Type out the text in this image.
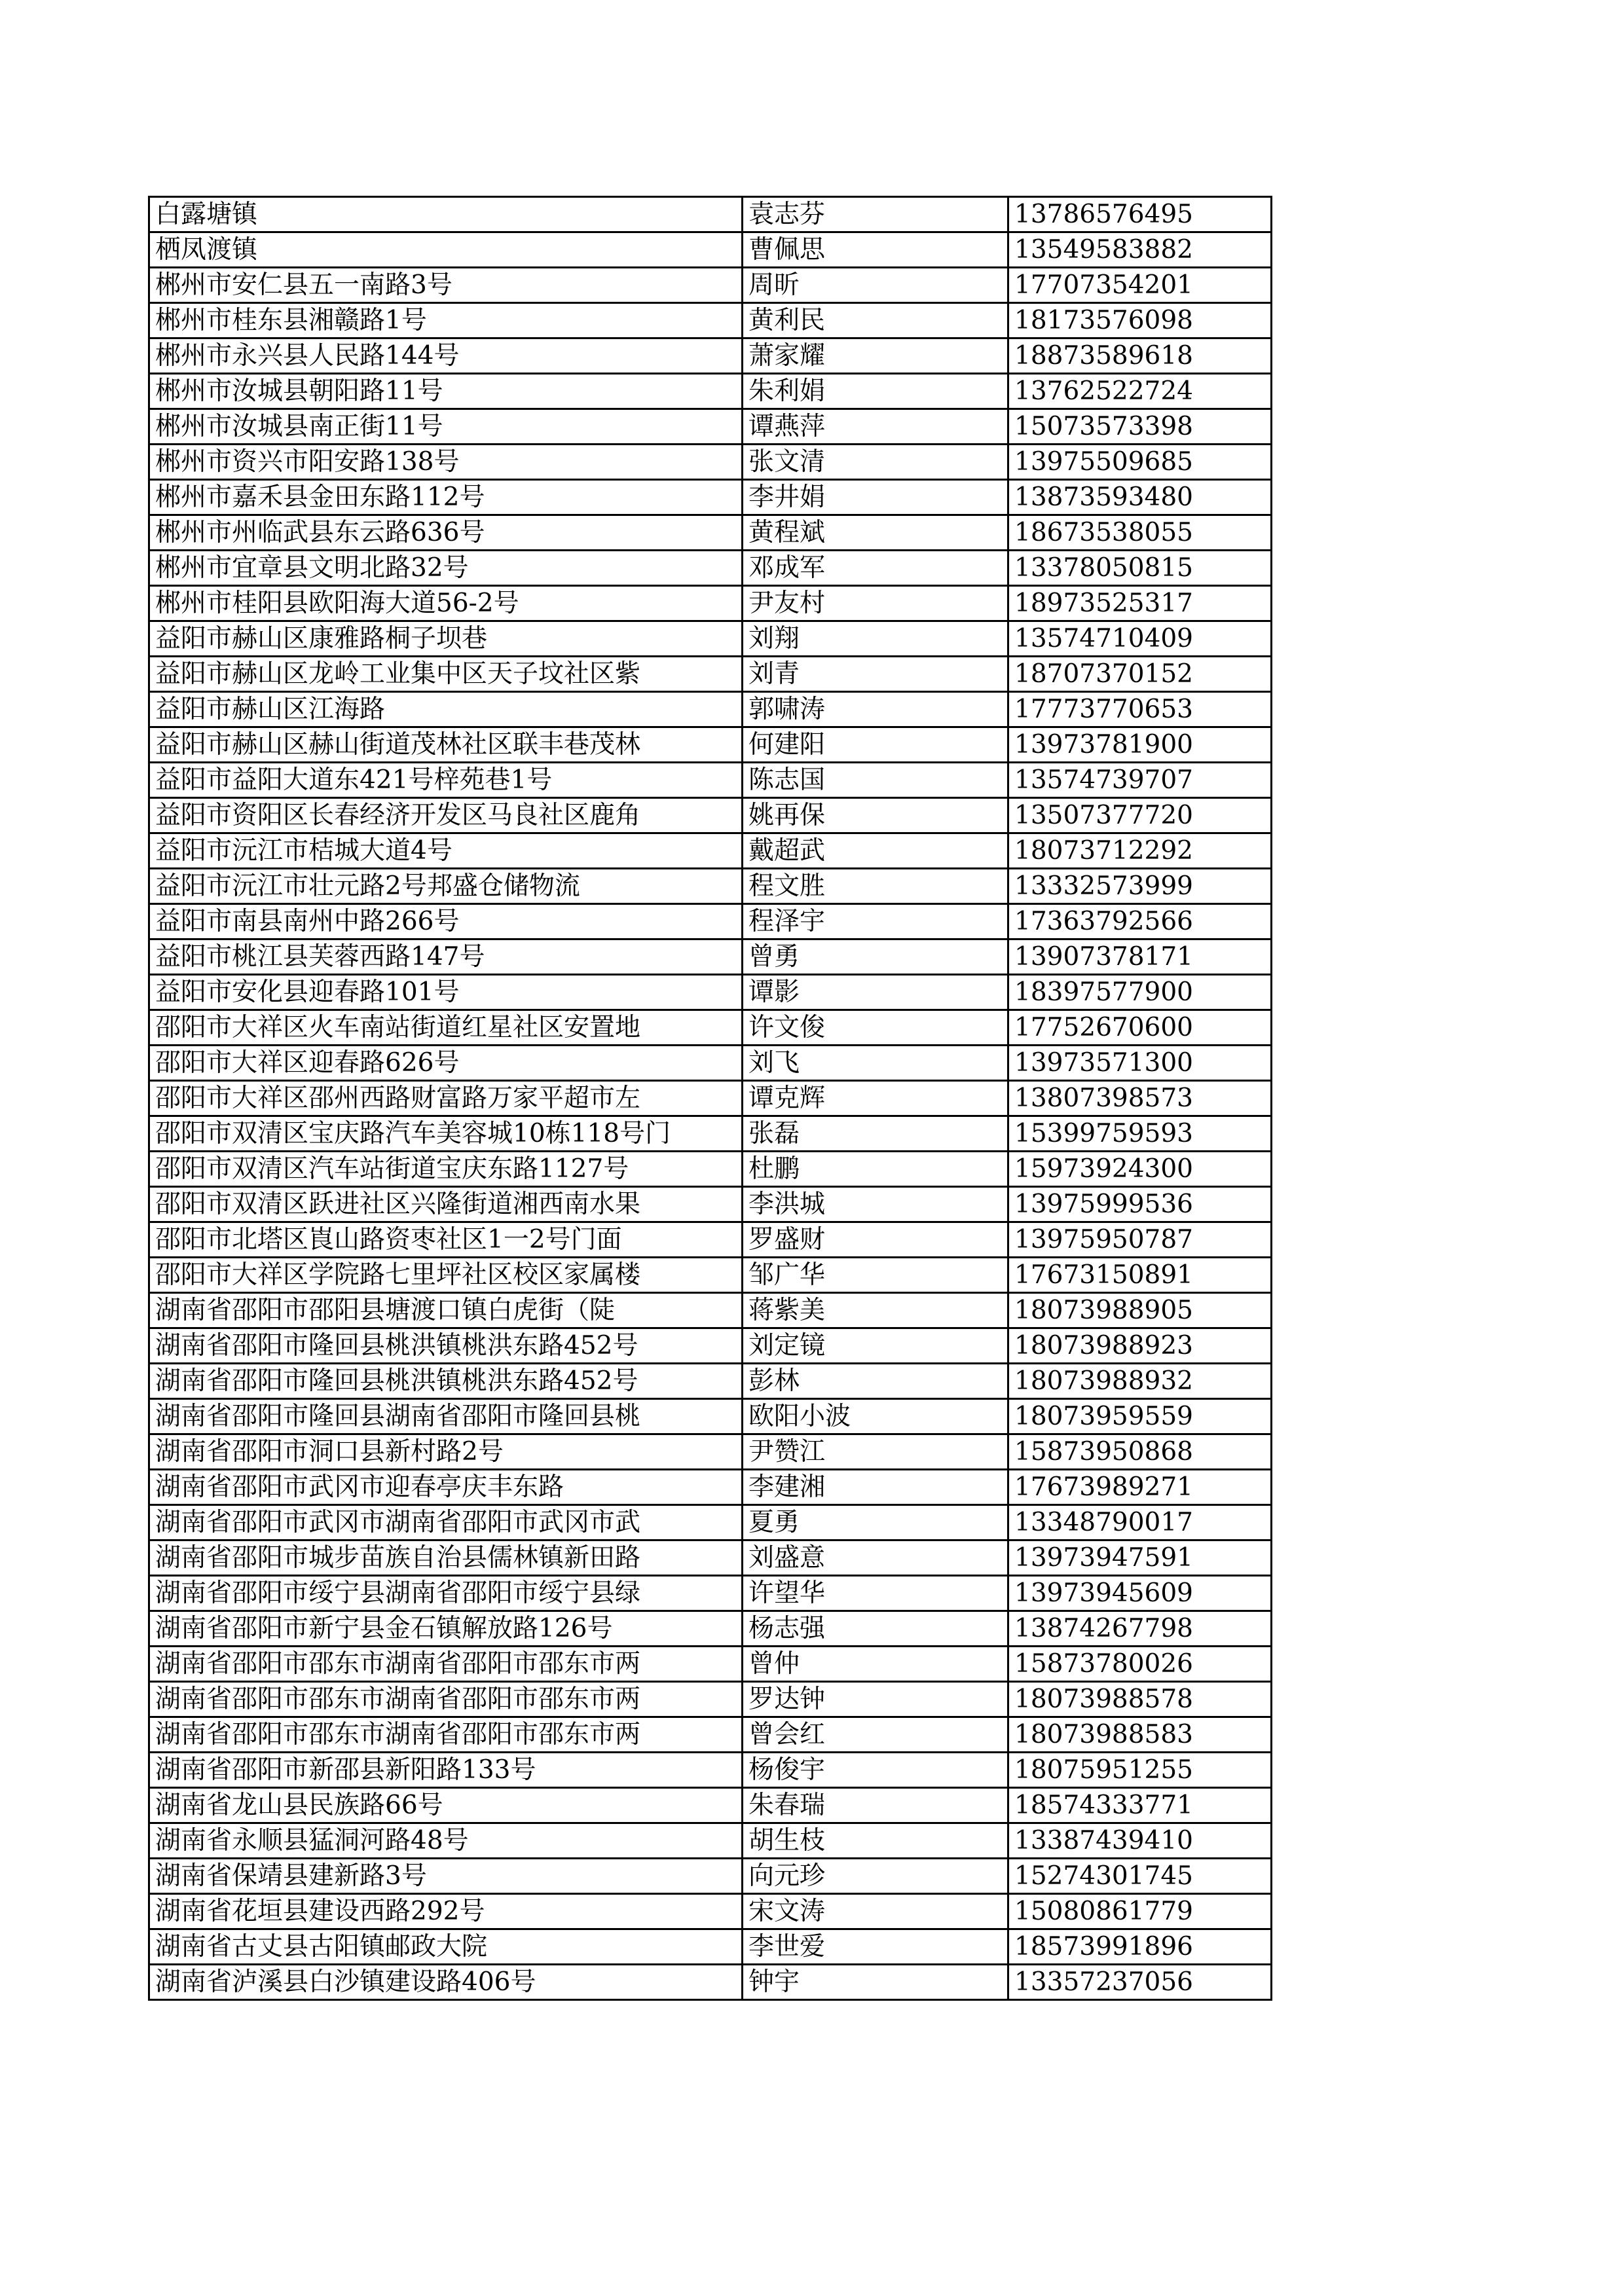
白露塘镇	袁志芬	13786576495
栖凤渡镇	曹佩思	13549583882
郴州市安仁县五一南路3号	周昕	17707354201
郴州市桂东县湘赣路1号	黄利民	18173576098
郴州市永兴县人民路144号	萧家耀	18873589618
郴州市汝城县朝阳路11号	朱利娟	13762522724
郴州市汝城县南正街11号	谭燕萍	15073573398
郴州市资兴市阳安路138号	张文清	13975509685
郴州市嘉禾县金田东路112号	李井娟	13873593480
郴州市州临武县东云路636号	黄程斌	18673538055
郴州市宜章县文明北路32号	邓成军	13378050815
郴州市桂阳县欧阳海大道56-2号	尹友村	18973525317
益阳市赫山区康雅路桐子坝巷	刘翔	13574710409
益阳市赫山区龙岭工业集中区天子坟社区紫	刘青	18707370152
益阳市赫山区江海路	郭啸涛	17773770653
益阳市赫山区赫山街道茂林社区联丰巷茂林	何建阳	13973781900
益阳市益阳大道东421号梓苑巷1号	陈志国	13574739707
益阳市资阳区长春经济开发区马良社区鹿角	姚再保	13507377720
益阳市沅江市桔城大道4号	戴超武	18073712292
益阳市沅江市壮元路2号邦盛仓储物流	程文胜	13332573999
益阳市南县南州中路266号	程泽宇	17363792566
益阳市桃江县芙蓉西路147号	曾勇	13907378171
益阳市安化县迎春路101号	谭影	18397577900
邵阳市大祥区火车南站街道红星社区安置地	许文俊	17752670600
邵阳市大祥区迎春路626号	刘飞	13973571300
邵阳市大祥区邵州西路财富路万家平超市左	谭克辉	13807398573
邵阳市双清区宝庆路汽车美容城10栋118号门	张磊	15399759593
邵阳市双清区汽车站街道宝庆东路1127号	杜鹏	15973924300
邵阳市双清区跃进社区兴隆街道湘西南水果	李洪城	13975999536
邵阳市北塔区崀山路资枣社区1一2号门面	罗盛财	13975950787
邵阳市大祥区学院路七里坪社区校区家属楼	邹广华	17673150891
湖南省邵阳市邵阳县塘渡口镇白虎街（陡	蒋紫美	18073988905
湖南省邵阳市隆回县桃洪镇桃洪东路452号	刘定镜	18073988923
湖南省邵阳市隆回县桃洪镇桃洪东路452号	彭林	18073988932
湖南省邵阳市隆回县湖南省邵阳市隆回县桃	欧阳小波	18073959559
湖南省邵阳市洞口县新村路2号	尹赞江	15873950868
湖南省邵阳市武冈市迎春亭庆丰东路	李建湘	17673989271
湖南省邵阳市武冈市湖南省邵阳市武冈市武	夏勇	13348790017
湖南省邵阳市城步苗族自治县儒林镇新田路	刘盛意	13973947591
湖南省邵阳市绥宁县湖南省邵阳市绥宁县绿	许望华	13973945609
湖南省邵阳市新宁县金石镇解放路126号	杨志强	13874267798
湖南省邵阳市邵东市湖南省邵阳市邵东市两	曾仲	15873780026
湖南省邵阳市邵东市湖南省邵阳市邵东市两	罗达钟	18073988578
湖南省邵阳市邵东市湖南省邵阳市邵东市两	曾会红	18073988583
湖南省邵阳市新邵县新阳路133号	杨俊宇	18075951255
湖南省龙山县民族路66号	朱春瑞	18574333771
湖南省永顺县猛洞河路48号	胡生枝	13387439410
湖南省保靖县建新路3号	向元珍	15274301745
湖南省花垣县建设西路292号	宋文涛	15080861779
湖南省古丈县古阳镇邮政大院	李世爱	18573991896
湖南省泸溪县白沙镇建设路406号	钟宇	13357237056
